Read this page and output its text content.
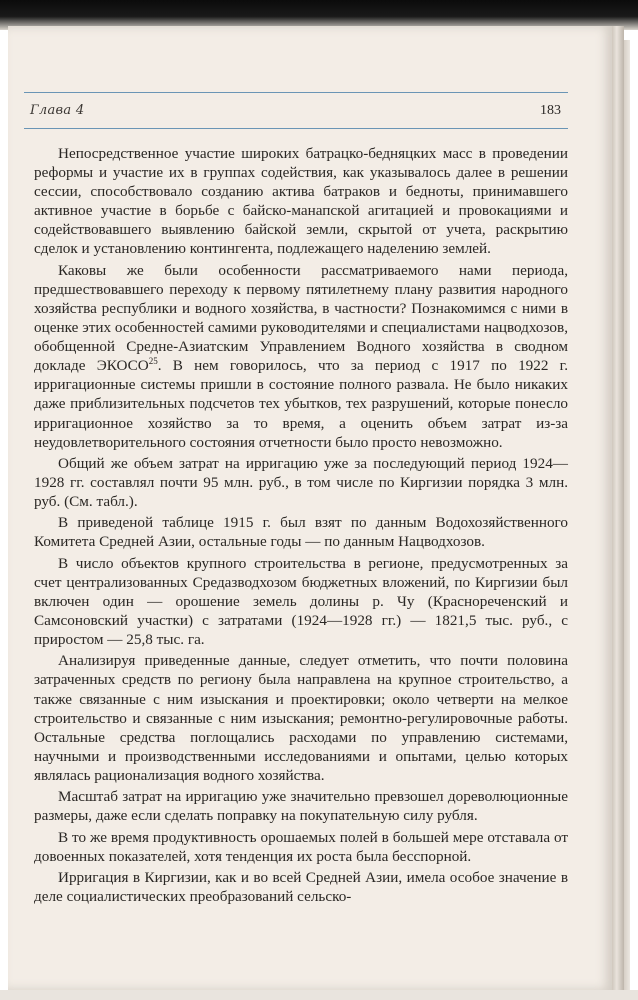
Глава 4	183

Непосредственное участие широких батрацко-бедняцких масс в проведении реформы и участие их в группах содействия, как указывалось далее в решении сессии, способствовало созданию актива батраков и бедноты, принимавшего активное участие в борьбе с байско-манапской агитацией и провокациями и содействовавшего выявлению байской земли, скрытой от учета, раскрытию сделок и установлению контингента, подлежащего наделению землей.

Каковы же были особенности рассматриваемого нами периода, предшествовавшего переходу к первому пятилетнему плану развития народного хозяйства республики и водного хозяйства, в частности? Познакомимся с ними в оценке этих особенностей самими руководителями и специалистами нацводхозов, обобщенной Средне-Азиатским Управлением Водного хозяйства в сводном докладе ЭКОСО$^{25}$. В нем говорилось, что за период с 1917 по 1922 г. ирригационные системы пришли в состояние полного развала. Не было никаких даже приблизительных подсчетов тех убытков, тех разрушений, которые понесло ирригационное хозяйство за то время, а оценить объем затрат из-за неудовлетворительного состояния отчетности было просто невозможно.

Общий же объем затрат на ирригацию уже за последующий период 1924—1928 гг. составлял почти 95 млн. руб., в том числе по Киргизии порядка 3 млн. руб. (См. табл.).

В приведеной таблице 1915 г. был взят по данным Водохозяйственного Комитета Средней Азии, остальные годы — по данным Нацводхозов.

В число объектов крупного строительства в регионе, предусмотренных за счет централизованных Средазводхозом бюджетных вложений, по Киргизии был включен один — орошение земель долины р. Чу (Краснореченский и Самсоновский участки) с затратами (1924—1928 гг.) — 1821,5 тыс. руб., с приростом — 25,8 тыс. га.

Анализируя приведенные данные, следует отметить, что почти половина затраченных средств по региону была направлена на крупное строительство, а также связанные с ним изыскания и проектировки; около четверти на мелкое строительство и связанные с ним изыскания; ремонтно-регулировочные работы. Остальные средства поглощались расходами по управлению системами, научными и производственными исследованиями и опытами, целью которых являлась рационализация водного хозяйства.

Масштаб затрат на ирригацию уже значительно превзошел дореволюционные размеры, даже если сделать поправку на покупательную силу рубля.

В то же время продуктивность орошаемых полей в большей мере отставала от довоенных показателей, хотя тенденция их роста была бесспорной.

Ирригация в Киргизии, как и во всей Средней Азии, имела особое значение в деле социалистических преобразований сельско-
